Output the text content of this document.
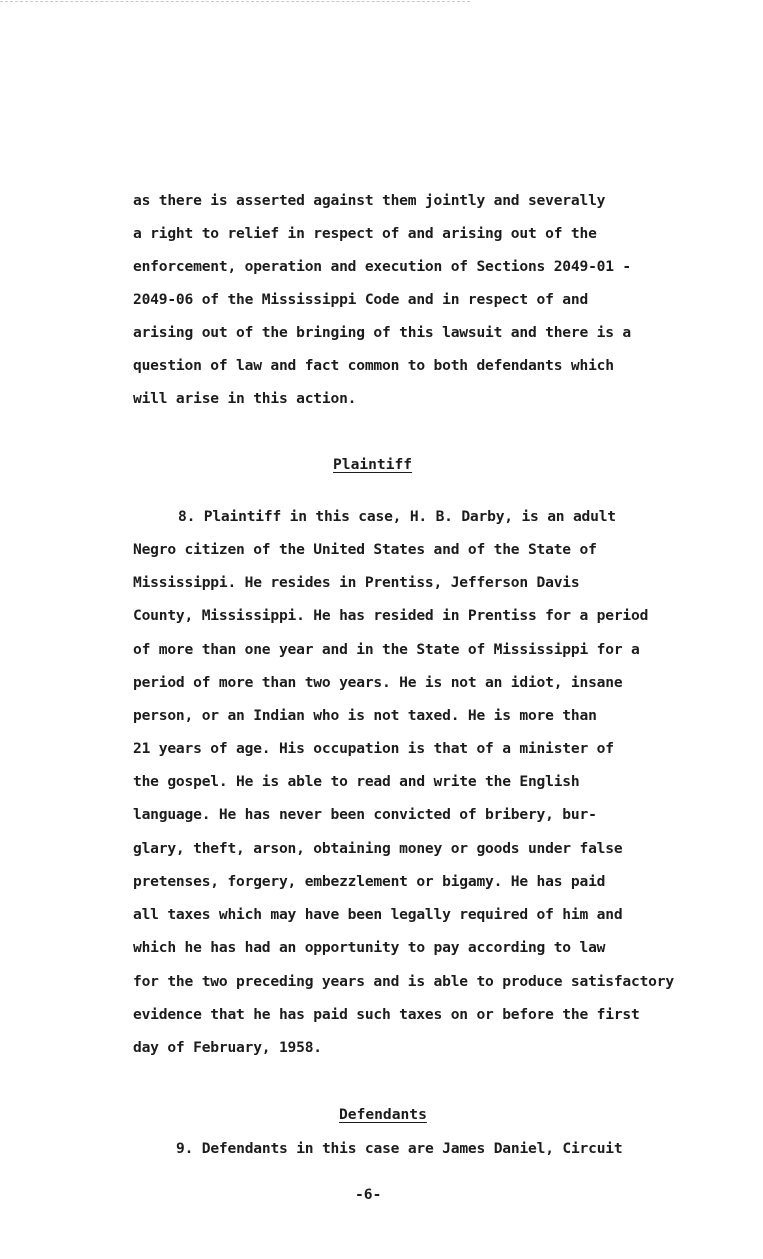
as there is asserted against them jointly and severally
a right to relief in respect of and arising out of the
enforcement, operation and execution of Sections 2049-01 -
2049-06 of the Mississippi Code and in respect of and
arising out of the bringing of this lawsuit and there is a
question of law and fact common to both defendants which
will arise in this action.
Plaintiff
8. Plaintiff in this case, H. B. Darby, is an adult
Negro citizen of the United States and of the State of
Mississippi. He resides in Prentiss, Jefferson Davis
County, Mississippi. He has resided in Prentiss for a period
of more than one year and in the State of Mississippi for a
period of more than two years. He is not an idiot, insane
person, or an Indian who is not taxed. He is more than
21 years of age. His occupation is that of a minister of
the gospel. He is able to read and write the English
language. He has never been convicted of bribery, bur-
glary, theft, arson, obtaining money or goods under false
pretenses, forgery, embezzlement or bigamy. He has paid
all taxes which may have been legally required of him and
which he has had an opportunity to pay according to law
for the two preceding years and is able to produce satisfactory
evidence that he has paid such taxes on or before the first
day of February, 1958.
Defendants
9. Defendants in this case are James Daniel, Circuit
-6-
